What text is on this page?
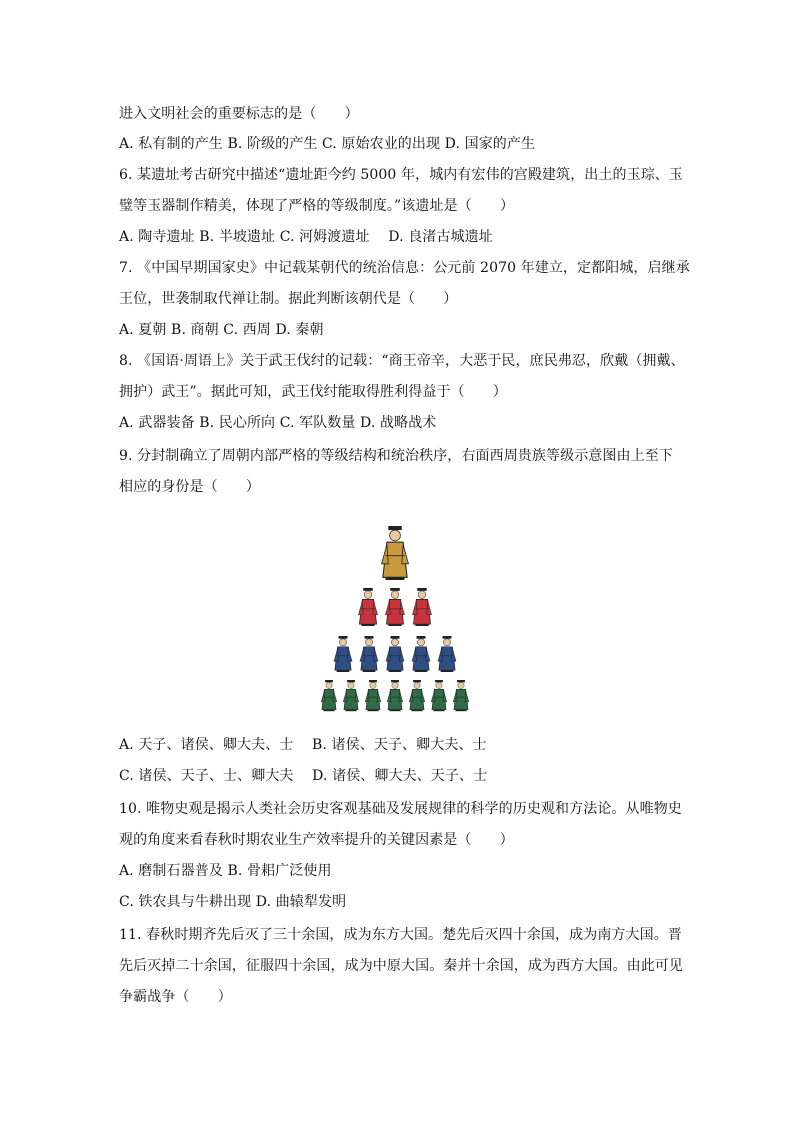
进入文明社会的重要标志的是（　　）
A. 私有制的产生 B. 阶级的产生 C. 原始农业的出现 D. 国家的产生
6. 某遗址考古研究中描述“遗址距今约 5000 年，城内有宏伟的宫殿建筑，出土的玉琮、玉
璧等玉器制作精美，体现了严格的等级制度。”该遗址是（　　）
A. 陶寺遗址 B. 半坡遗址 C. 河姆渡遗址　 D. 良渚古城遗址
7. 《中国早期国家史》中记载某朝代的统治信息：公元前 2070 年建立，定都阳城，启继承
王位，世袭制取代禅让制。据此判断该朝代是（　　）
A. 夏朝 B. 商朝 C. 西周 D. 秦朝
8. 《国语·周语上》关于武王伐纣的记载：“商王帝辛，大恶于民，庶民弗忍，欣戴（拥戴、
拥护）武王”。据此可知，武王伐纣能取得胜利得益于（　　）
A. 武器装备 B. 民心所向 C. 军队数量 D. 战略战术
9. 分封制确立了周朝内部严格的等级结构和统治秩序，右面西周贵族等级示意图由上至下
相应的身份是（　　）
A. 天子、诸侯、卿大夫、士　 B. 诸侯、天子、卿大夫、士
C. 诸侯、天子、士、卿大夫　 D. 诸侯、卿大夫、天子、士
10. 唯物史观是揭示人类社会历史客观基础及发展规律的科学的历史观和方法论。从唯物史
观的角度来看春秋时期农业生产效率提升的关键因素是（　　）
A. 磨制石器普及 B. 骨耜广泛使用
C. 铁农具与牛耕出现 D. 曲辕犁发明
11. 春秋时期齐先后灭了三十余国，成为东方大国。楚先后灭四十余国，成为南方大国。晋
先后灭掉二十余国，征服四十余国，成为中原大国。秦并十余国，成为西方大国。由此可见
争霸战争（　　）
